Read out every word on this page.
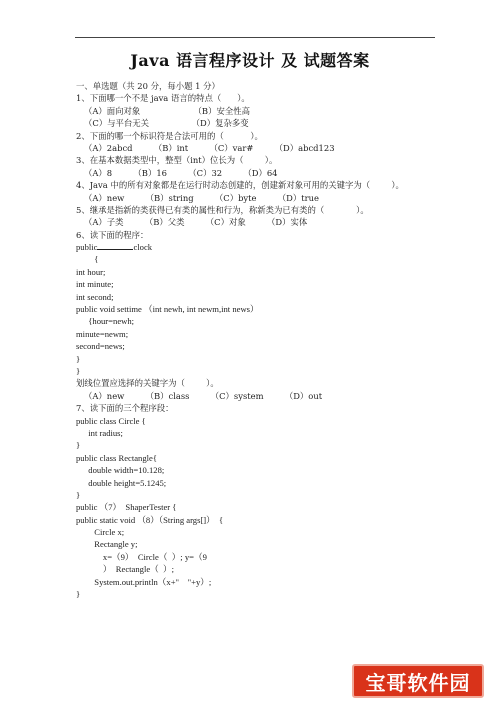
Java 语言程序设计 及 试题答案
一、单选题（共 20 分，每小题 1 分）
1、下面哪一个不是 java 语言的特点（      ）。
（A）面向对象                    （B）安全性高
（C）与平台无关                （D）复杂多变
2、下面的哪一个标识符是合法可用的（          ）。
（A）2abcd        （B）int        （C）var#        （D）abcd123
3、在基本数据类型中，整型（int）位长为（        ）。
（A）8        （B）16        （C）32        （D）64
4、Java 中的所有对象都是在运行时动态创建的，创建新对象可用的关键字为（        ）。
（A）new        （B）string        （C）byte        （D）true
5、继承是指新的类获得已有类的属性和行为，称新类为已有类的（            ）。
（A）子类        （B）父类        （C）对象        （D）实体
6、读下面的程序：
public	clock
{
int hour;
int minute;
int second;
public void settime （int newh, int newm,int news）
{hour=newh;
minute=newm;
second=news;
}
}
划线位置应选择的关键字为（        ）。
（A）new        （B）class        （C）system        （D）out
7、读下面的三个程序段：
public class Circle {
int radius;
}
public class Rectangle{
double width=10.128;
double height=5.1245;
}
public （7）  ShaperTester {
public static void （8）（String args[]）  {
Circle x;
Rectangle y;
x=（9）  Circle（  ）; y=（9
）  Rectangle（  ）;
System.out.println（x+"    "+y）;
}
宝哥软件园
